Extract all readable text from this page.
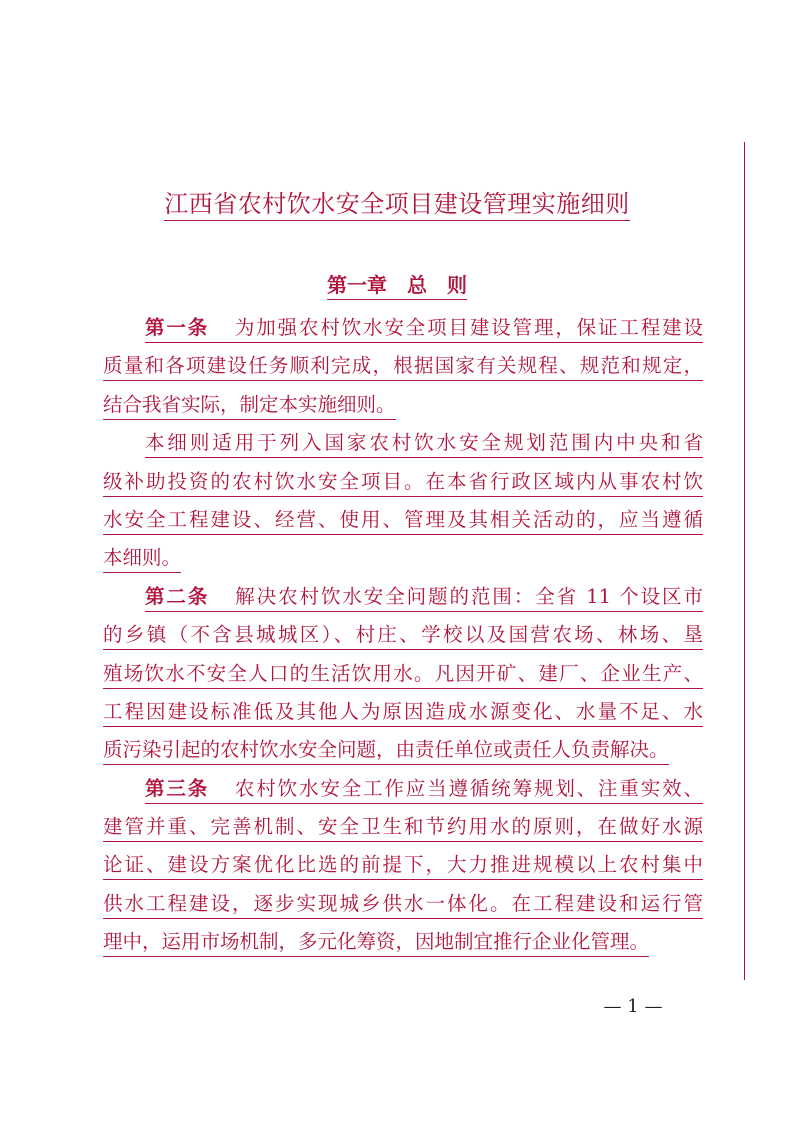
江西省农村饮水安全项目建设管理实施细则
第一章　总　则
第一条 为加强农村饮水安全项目建设管理，保证工程建设
质量和各项建设任务顺利完成，根据国家有关规程、规范和规定，
结合我省实际，制定本实施细则。
本细则适用于列入国家农村饮水安全规划范围内中央和省
级补助投资的农村饮水安全项目。在本省行政区域内从事农村饮
水安全工程建设、经营、使用、管理及其相关活动的，应当遵循
本细则。
第二条 解决农村饮水安全问题的范围：全省 11 个设区市
的乡镇（不含县城城区）、村庄、学校以及国营农场、林场、垦
殖场饮水不安全人口的生活饮用水。凡因开矿、建厂、企业生产、
工程因建设标准低及其他人为原因造成水源变化、水量不足、水
质污染引起的农村饮水安全问题，由责任单位或责任人负责解决。
第三条 农村饮水安全工作应当遵循统筹规划、注重实效、
建管并重、完善机制、安全卫生和节约用水的原则，在做好水源
论证、建设方案优化比选的前提下，大力推进规模以上农村集中
供水工程建设，逐步实现城乡供水一体化。在工程建设和运行管
理中，运用市场机制，多元化筹资，因地制宜推行企业化管理。
— 1 —
